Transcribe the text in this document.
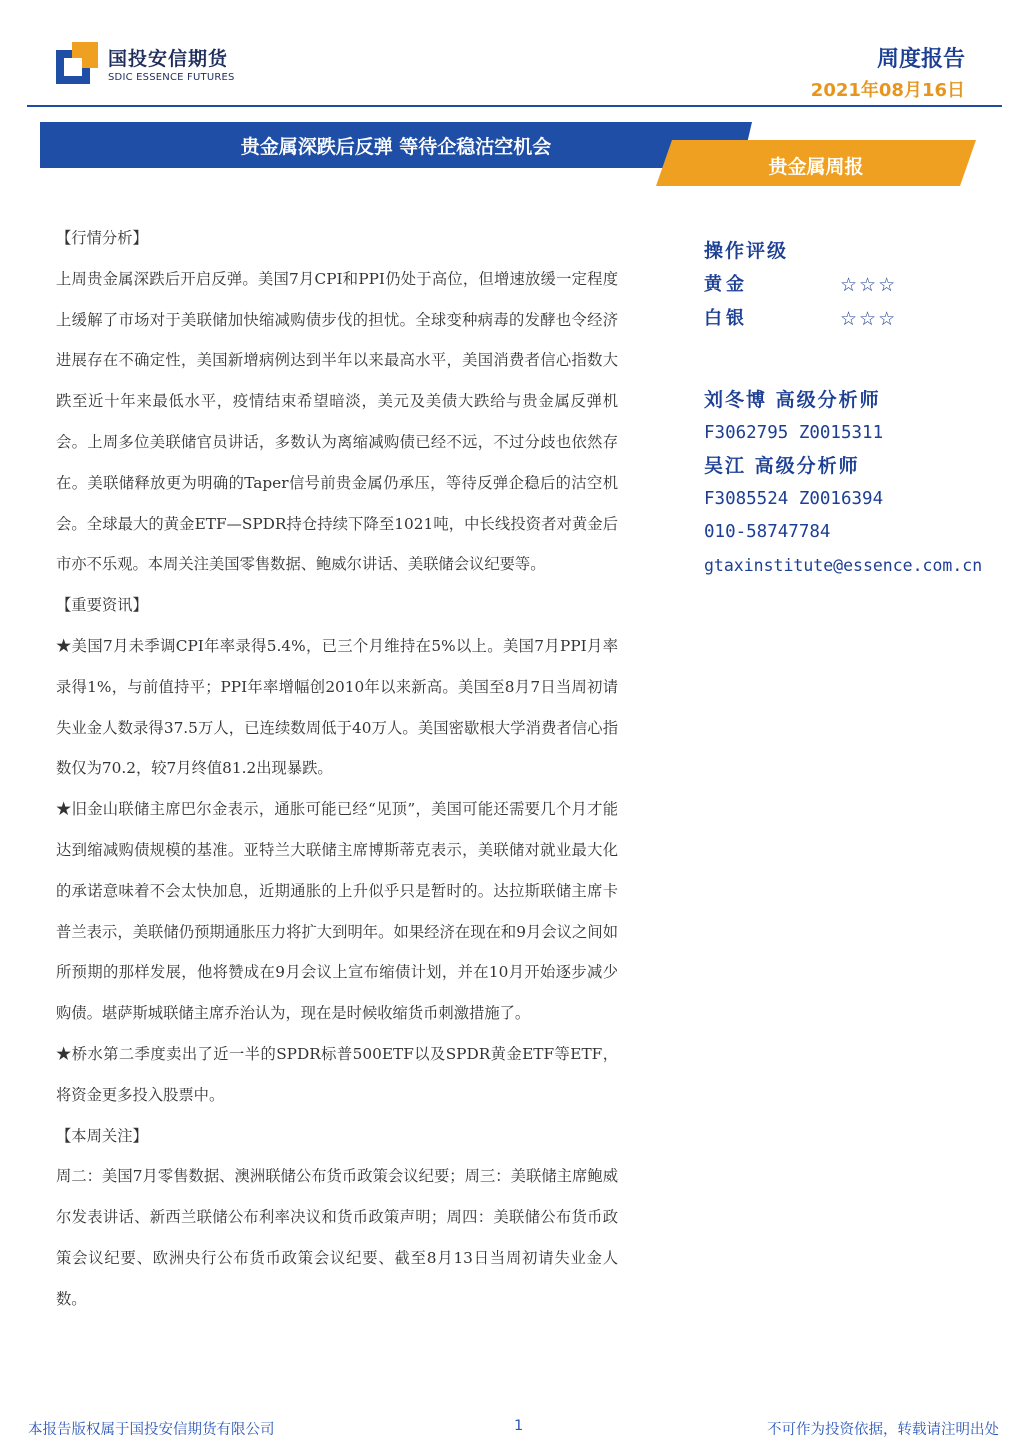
国投安信期货
SDIC ESSENCE FUTURES
周度报告
2021年08月16日
贵金属深跌后反弹 等待企稳沽空机会
贵金属周报

【行情分析】

上周贵金属深跌后开启反弹。美国7月CPI和PPI仍处于高位，但增速放缓一定程度上缓解了市场对于美联储加快缩减购债步伐的担忧。全球变种病毒的发酵也令经济进展存在不确定性，美国新增病例达到半年以来最高水平，美国消费者信心指数大跌至近十年来最低水平，疫情结束希望暗淡，美元及美债大跌给与贵金属反弹机会。上周多位美联储官员讲话，多数认为离缩减购债已经不远，不过分歧也依然存在。美联储释放更为明确的Taper信号前贵金属仍承压，等待反弹企稳后的沽空机会。全球最大的黄金ETF—SPDR持仓持续下降至1021吨，中长线投资者对黄金后市亦不乐观。本周关注美国零售数据、鲍威尔讲话、美联储会议纪要等。

【重要资讯】

★美国7月未季调CPI年率录得5.4%，已三个月维持在5%以上。美国7月PPI月率录得1%，与前值持平；PPI年率增幅创2010年以来新高。美国至8月7日当周初请失业金人数录得37.5万人，已连续数周低于40万人。美国密歇根大学消费者信心指数仅为70.2，较7月终值81.2出现暴跌。

★旧金山联储主席巴尔金表示，通胀可能已经“见顶”，美国可能还需要几个月才能达到缩减购债规模的基准。亚特兰大联储主席博斯蒂克表示，美联储对就业最大化的承诺意味着不会太快加息，近期通胀的上升似乎只是暂时的。达拉斯联储主席卡普兰表示，美联储仍预期通胀压力将扩大到明年。如果经济在现在和9月会议之间如所预期的那样发展，他将赞成在9月会议上宣布缩债计划，并在10月开始逐步减少购债。堪萨斯城联储主席乔治认为，现在是时候收缩货币刺激措施了。

★桥水第二季度卖出了近一半的SPDR标普500ETF以及SPDR黄金ETF等ETF，将资金更多投入股票中。

【本周关注】

周二：美国7月零售数据、澳洲联储公布货币政策会议纪要；周三：美联储主席鲍威尔发表讲话、新西兰联储公布利率决议和货币政策声明；周四：美联储公布货币政策会议纪要、欧洲央行公布货币政策会议纪要、截至8月13日当周初请失业金人数。

操作评级
黄金	☆☆☆
白银	☆☆☆
刘冬博 高级分析师
F3062795 Z0015311
吴江 高级分析师
F3085524 Z0016394
010-58747784
gtaxinstitute@essence.com.cn
本报告版权属于国投安信期货有限公司	1	不可作为投资依据，转载请注明出处
